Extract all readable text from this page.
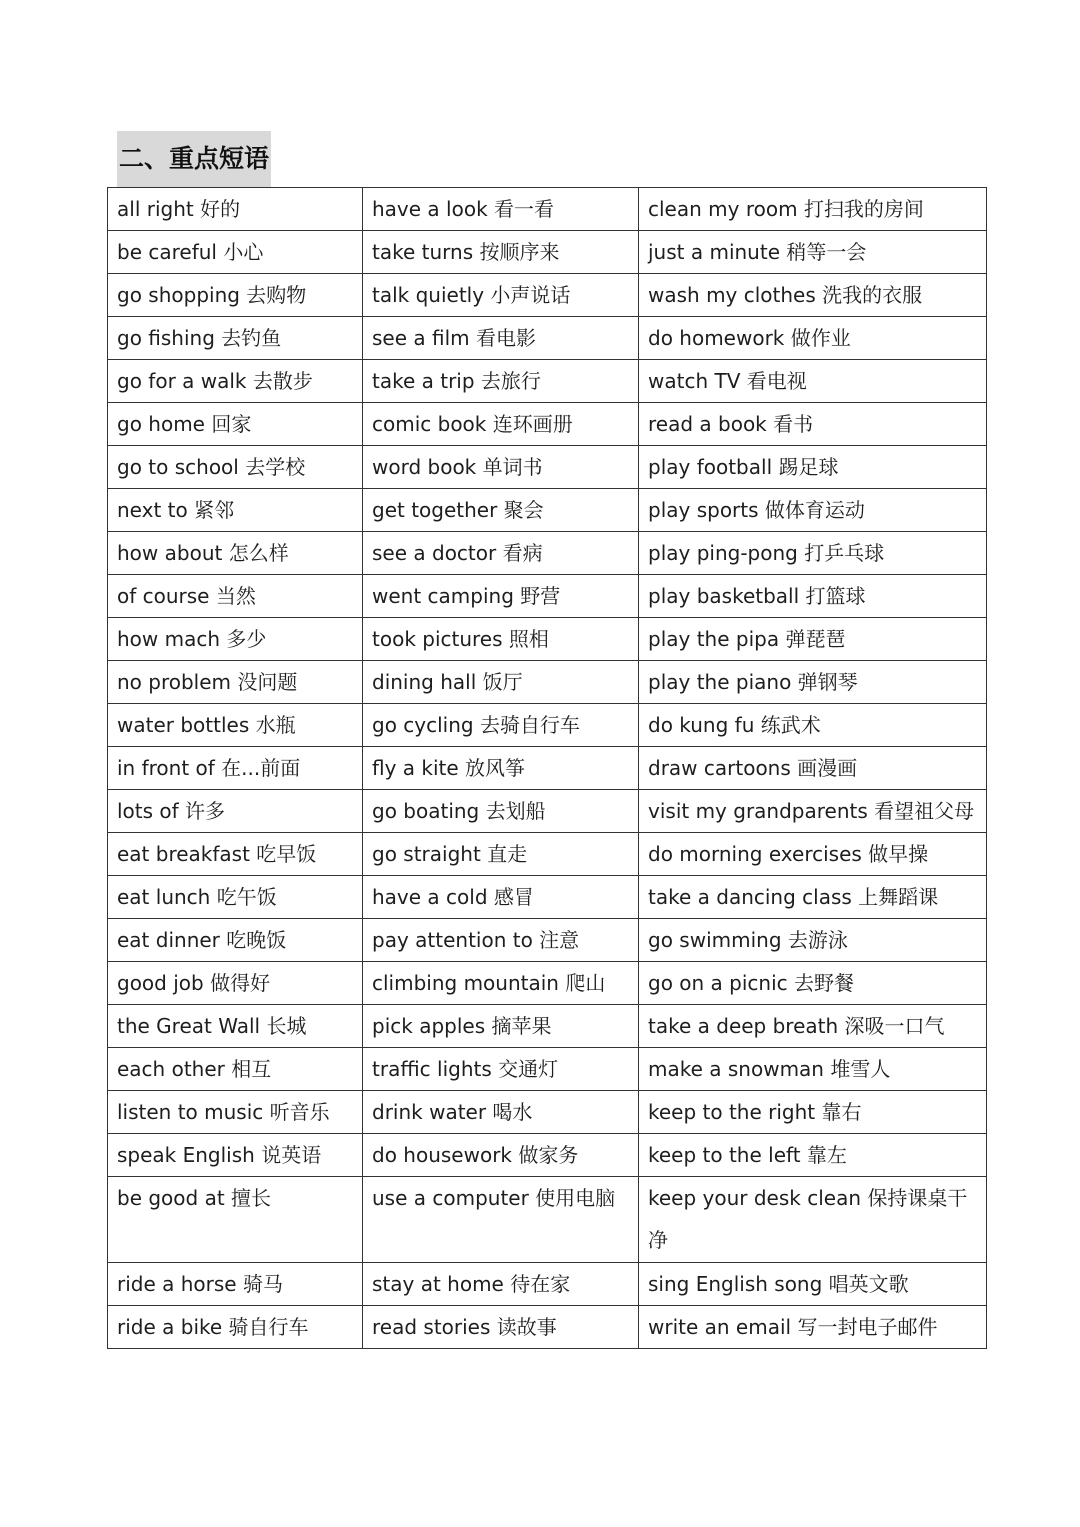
二、重点短语
all right 好的	have a look 看一看	clean my room 打扫我的房间
be careful 小心	take turns 按顺序来	just a minute 稍等一会
go shopping 去购物	talk quietly 小声说话	wash my clothes 洗我的衣服
go fishing 去钓鱼	see a film 看电影	do homework 做作业
go for a walk 去散步	take a trip 去旅行	watch TV 看电视
go home 回家	comic book 连环画册	read a book 看书
go to school 去学校	word book 单词书	play football 踢足球
next to 紧邻	get together 聚会	play sports 做体育运动
how about 怎么样	see a doctor 看病	play ping-pong 打乒乓球
of course 当然	went camping 野营	play basketball 打篮球
how mach 多少	took pictures 照相	play the pipa 弹琵琶
no problem 没问题	dining hall 饭厅	play the piano 弹钢琴
water bottles 水瓶	go cycling 去骑自行车	do kung fu 练武术
in front of 在...前面	fly a kite 放风筝	draw cartoons 画漫画
lots of 许多	go boating 去划船	visit my grandparents 看望祖父母
eat breakfast 吃早饭	go straight 直走	do morning exercises 做早操
eat lunch 吃午饭	have a cold 感冒	take a dancing class 上舞蹈课
eat dinner 吃晚饭	pay attention to 注意	go swimming 去游泳
good job 做得好	climbing mountain 爬山	go on a picnic 去野餐
the Great Wall 长城	pick apples 摘苹果	take a deep breath 深吸一口气
each other 相互	traffic lights 交通灯	make a snowman 堆雪人
listen to music 听音乐	drink water 喝水	keep to the right 靠右
speak English 说英语	do housework 做家务	keep to the left 靠左
be good at 擅长	use a computer 使用电脑	keep your desk clean 保持课桌干净
ride a horse 骑马	stay at home 待在家	sing English song 唱英文歌
ride a bike 骑自行车	read stories 读故事	write an email 写一封电子邮件
